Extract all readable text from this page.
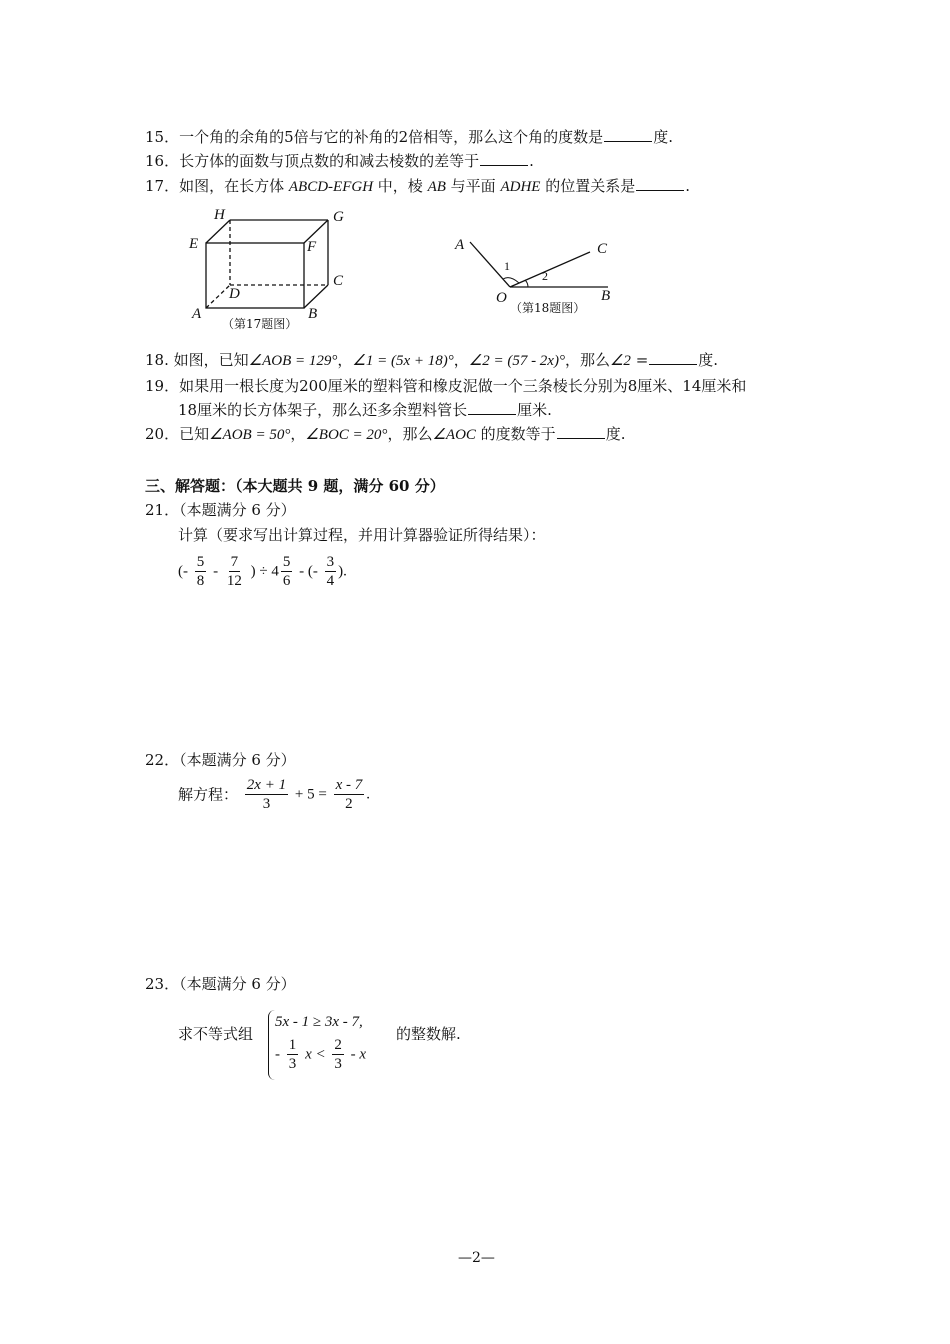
15．一个角的余角的5倍与它的补角的2倍相等，那么这个角的度数是	度.
16．长方体的面数与顶点数的和减去棱数的差等于	.
17．如图，在长方体 ABCD-EFGH 中，棱 AB 与平面 ADHE 的位置关系是	.
H	G
E	F
C
D
A	B
（第17题图）
A	C
O	B
1
2
（第18题图）
18. 如图，已知∠AOB = 129°，∠1 = (5x + 18)°，∠2 = (57 - 2x)°，那么∠2 =	度.
19．如果用一根长度为200厘米的塑料管和橡皮泥做一个三条棱长分别为8厘米、14厘米和
18厘米的长方体架子，那么还多余塑料管长	厘米.
20．已知∠AOB = 50°，∠BOC = 20°，那么∠AOC 的度数等于	度.
三、解答题：（本大题共 9 题，满分 60 分）
21．（本题满分 6 分）
计算（要求写出计算过程，并用计算器验证所得结果）：
(- $\frac{5}{8} - \frac{7}{12}$ ) ÷ $4 \frac{5}{6}$ - (- $\frac{3}{4}$ ).
22．（本题满分 6 分）
解方程： $\frac{2x + 1}{3} + 5 = \frac{x - 7}{2}$ .
23．（本题满分 6 分）
求不等式组
5x - 1 ≥ 3x - 7,
- $\frac{1}{3}$ $x < \frac{2}{3} - x$
的整数解.
—2—
